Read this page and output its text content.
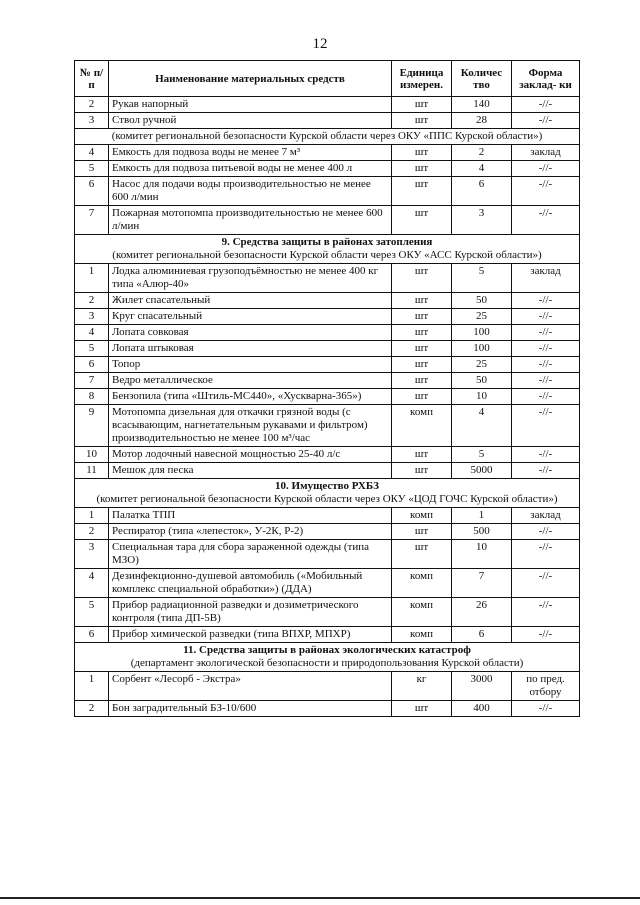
12
№ п/п	Наименование материальных средств	Единица измерен.	Количес тво	Форма заклад- ки
2	Рукав напорный	шт	140	-//-
3	Ствол ручной	шт	28	-//-
(комитет региональной безопасности Курской области через ОКУ «ППС Курской области»)				
4	Емкость для подвоза воды не менее 7 м³	шт	2	заклад
5	Емкость для подвоза питьевой воды не менее 400 л	шт	4	-//-
6	Насос для подачи воды производительностью не менее 600 л/мин	шт	6	-//-
7	Пожарная мотопомпа производительностью не менее 600 л/мин	шт	3	-//-

9. Средства защиты в районах затопления
(комитет региональной безопасности Курской области через ОКУ «АСС Курской области»)				
1	Лодка алюминиевая грузоподъёмностью не менее 400 кг типа «Алюр-40»	шт	5	заклад
2	Жилет спасательный	шт	50	-//-
3	Круг спасательный	шт	25	-//-
4	Лопата совковая	шт	100	-//-
5	Лопата штыковая	шт	100	-//-
6	Топор	шт	25	-//-
7	Ведро металлическое	шт	50	-//-
8	Бензопила (типа «Штиль-МС440», «Хускварна-365»)	шт	10	-//-
9	Мотопомпа дизельная для откачки грязной воды (с всасывающим, нагнетательным рукавами и фильтром) производительностью не менее 100 м³/час	комп	4	-//-
10	Мотор лодочный навесной мощностью 25-40 л/с	шт	5	-//-
11	Мешок для песка	шт	5000	-//-

10. Имущество РХБЗ
(комитет региональной безопасности Курской области через ОКУ «ЦОД ГОЧС Курской области»)				
1	Палатка ТПП	комп	1	заклад
2	Респиратор (типа «лепесток», У-2К, Р-2)	шт	500	-//-
3	Специальная тара для сбора зараженной одежды (типа МЗО)	шт	10	-//-
4	Дезинфекционно-душевой автомобиль («Мобильный комплекс специальной обработки») (ДДА)	комп	7	-//-
5	Прибор радиационной разведки и дозиметрического контроля (типа ДП-5В)	комп	26	-//-
6	Прибор химической разведки (типа ВПХР, МПХР)	комп	6	-//-

11. Средства защиты в районах экологических катастроф
(департамент экологической безопасности и природопользования Курской области)				
1	Сорбент «Лесорб - Экстра»	кг	3000	по пред. отбору
2	Бон заградительный БЗ-10/600	шт	400	-//-
